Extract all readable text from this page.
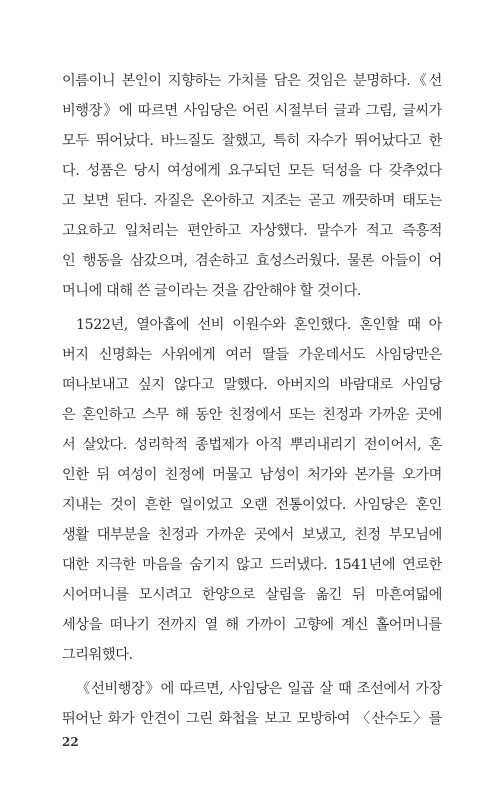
이름이니 본인이 지향하는 가치를 담은 것임은 분명하다.《선
비행장》에 따르면 사임당은 어린 시절부터 글과 그림, 글씨가
모두 뛰어났다. 바느질도 잘했고, 특히 자수가 뛰어났다고 한
다. 성품은 당시 여성에게 요구되던 모든 덕성을 다 갖추었다
고 보면 된다. 자질은 온아하고 지조는 곧고 깨끗하며 태도는
고요하고 일처리는 편안하고 자상했다. 말수가 적고 즉흥적
인 행동을 삼갔으며, 겸손하고 효성스러웠다. 물론 아들이 어
머니에 대해 쓴 글이라는 것을 감안해야 할 것이다.
1522년, 열아홉에 선비 이원수와 혼인했다. 혼인할 때 아
버지 신명화는 사위에게 여러 딸들 가운데서도 사임당만은
떠나보내고 싶지 않다고 말했다. 아버지의 바람대로 사임당
은 혼인하고 스무 해 동안 친정에서 또는 친정과 가까운 곳에
서 살았다. 성리학적 종법제가 아직 뿌리내리기 전이어서, 혼
인한 뒤 여성이 친정에 머물고 남성이 처가와 본가를 오가며
지내는 것이 흔한 일이었고 오랜 전통이었다. 사임당은 혼인
생활 대부분을 친정과 가까운 곳에서 보냈고, 친정 부모님에
대한 지극한 마음을 숨기지 않고 드러냈다. 1541년에 연로한
시어머니를 모시려고 한양으로 살림을 옮긴 뒤 마흔여덟에
세상을 떠나기 전까지 열 해 가까이 고향에 계신 홀어머니를
그리워했다.
《선비행장》에 따르면, 사임당은 일곱 살 때 조선에서 가장
뛰어난 화가 안견이 그린 화첩을 보고 모방하여 〈산수도〉를
22
